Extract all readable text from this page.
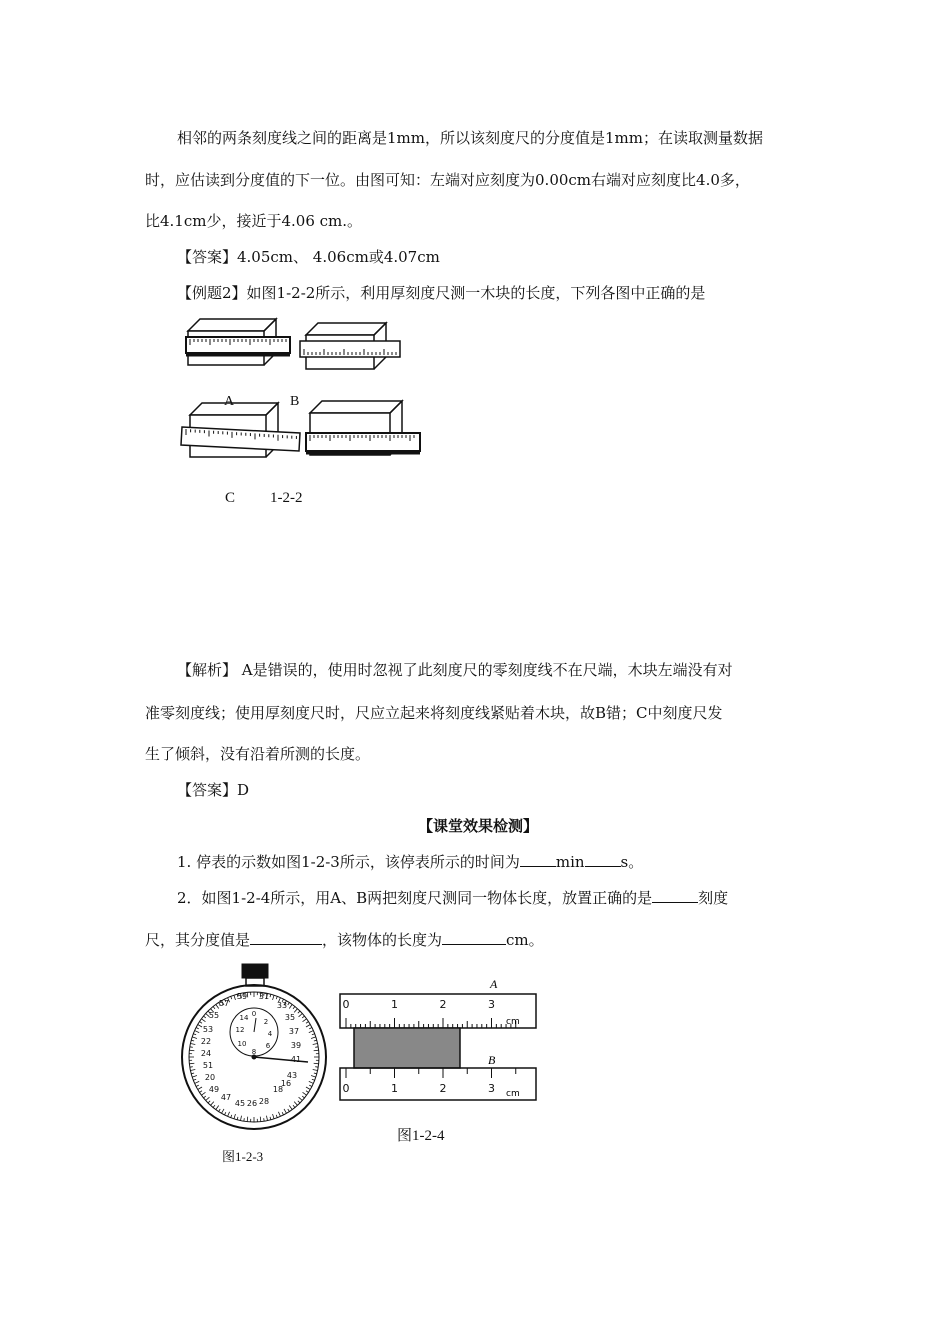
相邻的两条刻度线之间的距离是1mm，所以该刻度尺的分度值是1mm；在读取测量数据
时，应估读到分度值的下一位。由图可知：左端对应刻度为0.00cm右端对应刻度比4.0多，
比4.1cm少，接近于4.06 cm.。
【答案】4.05cm、 4.06cm或4.07cm
【例题2】如图1-2-2所示，利用厚刻度尺测一木块的长度，下列各图中正确的是
A	B
C 1-2-2
【解析】 A是错误的，使用时忽视了此刻度尺的零刻度线不在尺端，木块左端没有对
准零刻度线；使用厚刻度尺时，尺应立起来将刻度线紧贴着木块，故B错；C中刻度尺发
生了倾斜，没有沿着所测的长度。
【答案】D
【课堂效果检测】
1. 停表的示数如图1-2-3所示，该停表所示的时间为 min s。
2．如图1-2-4所示，用A、B两把刻度尺测同一物体长度，放置正确的是	刻度
尺，其分度值是	，该物体的长度为	cm。
59 31
33
57
35
55
37
53
39
22
24
51
41
20
49
43
47
45 26 28
18
16
14
12
0
2
10
4
8
6
图1-2-3
A
B
0	1	2	3
0	1	2	3
cm
cm
图1-2-4
